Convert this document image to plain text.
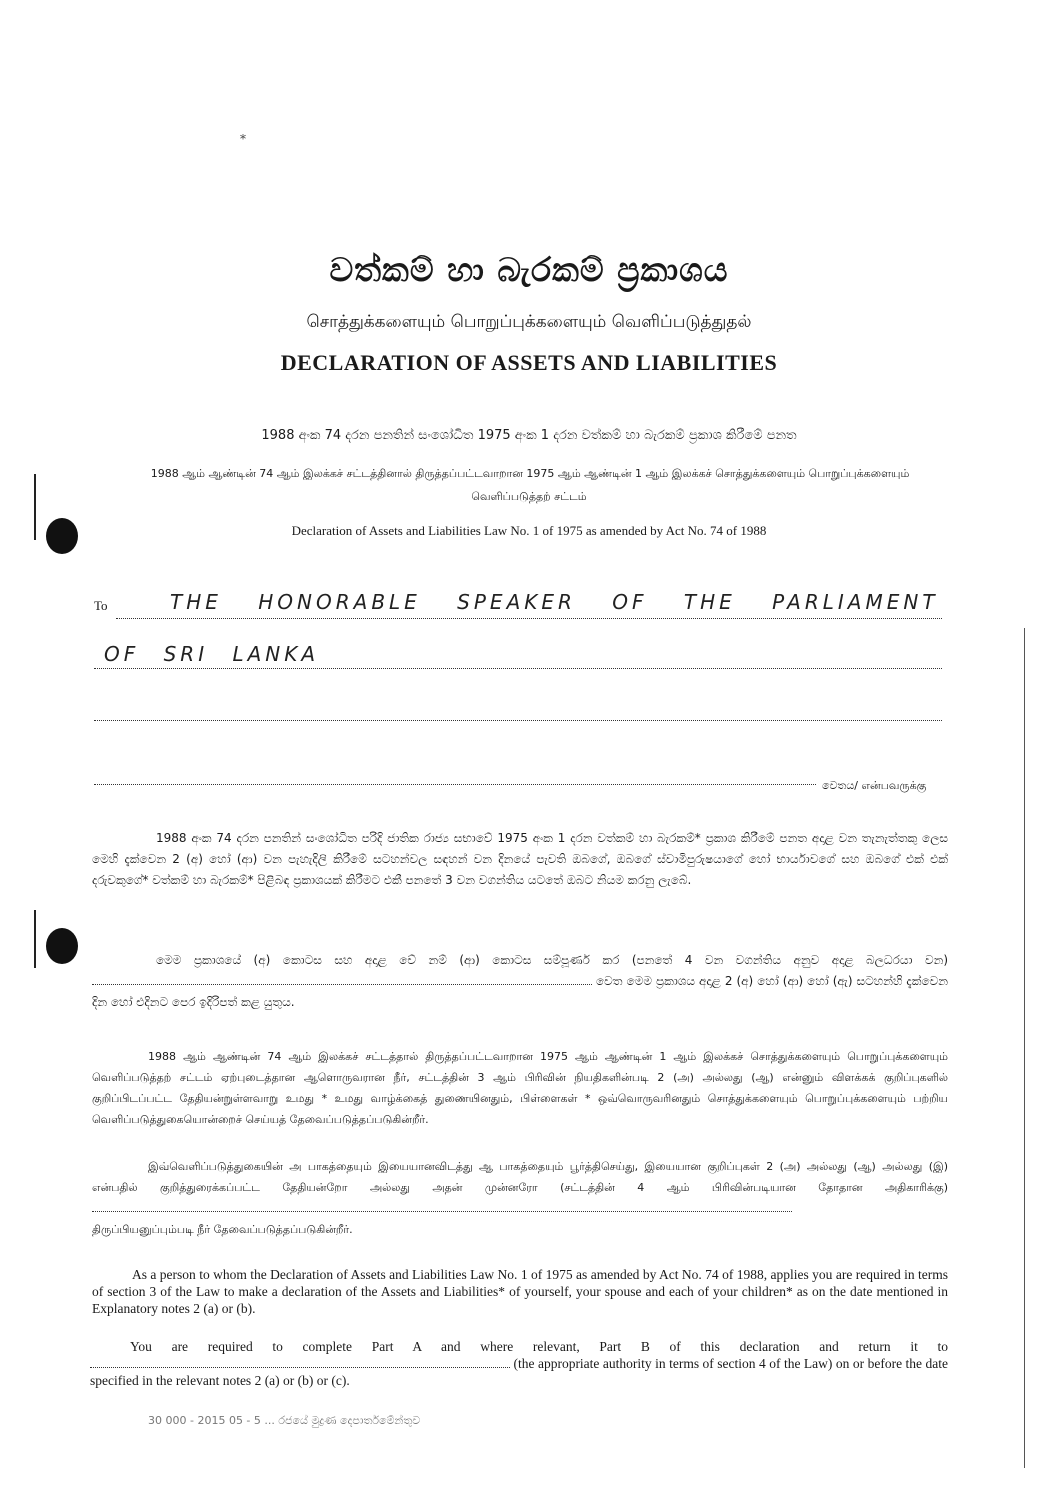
⁎
වත්කම් හා බැරකම් ප්‍රකාශය
சொத்துக்களையும் பொறுப்புக்களையும் வெளிப்படுத்துதல்
DECLARATION OF ASSETS AND LIABILITIES
1988 අංක 74 දරන පනතින් සංශෝධිත 1975 අංක 1 දරන වත්කම් හා බැරකම් ප්‍රකාශ කිරීමේ පනත
1988 ஆம் ஆண்டின் 74 ஆம் இலக்கச் சட்டத்தினால் திருத்தப்பட்டவாறான 1975 ஆம் ஆண்டின் 1 ஆம் இலக்கச் சொத்துக்களையும் பொறுப்புக்களையும்
வெளிப்படுத்தற் சட்டம்
Declaration of Assets and Liabilities Law No. 1 of 1975 as amended by Act No. 74 of 1988
To	THE HONORABLE SPEAKER OF THE PARLIAMENT
OF SRI LANKA
වෙතය/ என்பவருக்கு
1988 අංක 74 දරන පනතින් සංශෝධිත පරිදි ජාතික රාජ්‍ය සභාවේ 1975 අංක 1 දරන වත්කම් හා බැරකම්* ප්‍රකාශ කිරීමේ පනත අදාළ වන තැනැත්තකු ලෙස මෙහි දැක්වෙන 2 (අ) හෝ (ආ) වන පැහැදිලි කිරීමේ සටහන්වල සඳහන් වන දිනයේ පැවති ඔබගේ, ඔබගේ ස්වාමිපුරුෂයාගේ හෝ භාර්යාවගේ සහ ඔබගේ එක් එක් දරුවකුගේ* වත්කම් හා බැරකම්* පිළිබඳ ප්‍රකාශයක් කිරීමට එකී පනතේ 3 වන වගන්තිය යටතේ ඔබට නියම කරනු ලැබේ.
මෙම ප්‍රකාශයේ (අ) කොටස සහ අදාළ වේ නම් (ආ) කොටස සම්පූර්ණ කර (පනතේ 4 වන වගන්තිය අනුව අදාළ බලධරයා වන)  වෙත මෙම ප්‍රකාශය අදාළ 2 (අ) හෝ (ආ) හෝ (ඇ) සටහන්හි දැක්වෙන දින හෝ එදිනට පෙර ඉදිරිපත් කළ යුතුය.
1988 ஆம் ஆண்டின் 74 ஆம் இலக்கச் சட்டத்தால் திருத்தப்பட்டவாறான 1975 ஆம் ஆண்டின் 1 ஆம் இலக்கச் சொத்துக்களையும் பொறுப்புக்களையும் வெளிப்படுத்தற் சட்டம் ஏற்புடைத்தான ஆளொருவரான நீர், சட்டத்தின் 3 ஆம் பிரிவின் நியதிகளின்படி 2 (அ) அல்லது (ஆ) என்னும் விளக்கக் குறிப்புகளில் குறிப்பிடப்பட்ட தேதியன்றுள்ளவாறு உமது * உமது வாழ்க்கைத் துணையினதும், பிள்ளைகள் * ஒவ்வொருவரினதும் சொத்துக்களையும் பொறுப்புக்களையும் பற்றிய வெளிப்படுத்துகையொன்றைச் செய்யத் தேவைப்படுத்தப்படுகின்றீர்.
இவ்வெளிப்படுத்துகையின் அ பாகத்தையும் இயையானவிடத்து ஆ பாகத்தையும் பூர்த்திசெய்து, இயையான குறிப்புகள் 2 (அ) அல்லது (ஆ) அல்லது (இ) என்பதில் குறித்துரைக்கப்பட்ட தேதியன்றோ அல்லது அதன் முன்னரோ (சட்டத்தின் 4 ஆம் பிரிவின்படியான தோதான அதிகாரிக்கு)
திருப்பியனுப்பும்படி நீர் தேவைப்படுத்தப்படுகின்றீர்.
As a person to whom the Declaration of Assets and Liabilities Law No. 1 of 1975 as amended by Act No. 74 of 1988, applies you are required in terms of section 3 of the Law to make a declaration of the Assets and Liabilities* of yourself, your spouse and each of your children* as on the date mentioned in Explanatory notes 2 (a) or (b).
You are required to complete Part A and where relevant, Part B of this declaration and return it to  (the appropriate authority in terms of section 4 of the Law) on or before the date specified in the relevant notes 2 (a) or (b) or (c).
30 000 - 2015 05 - 5 ... රජයේ මුද්‍රණ දෙපාර්තමේන්තුව
